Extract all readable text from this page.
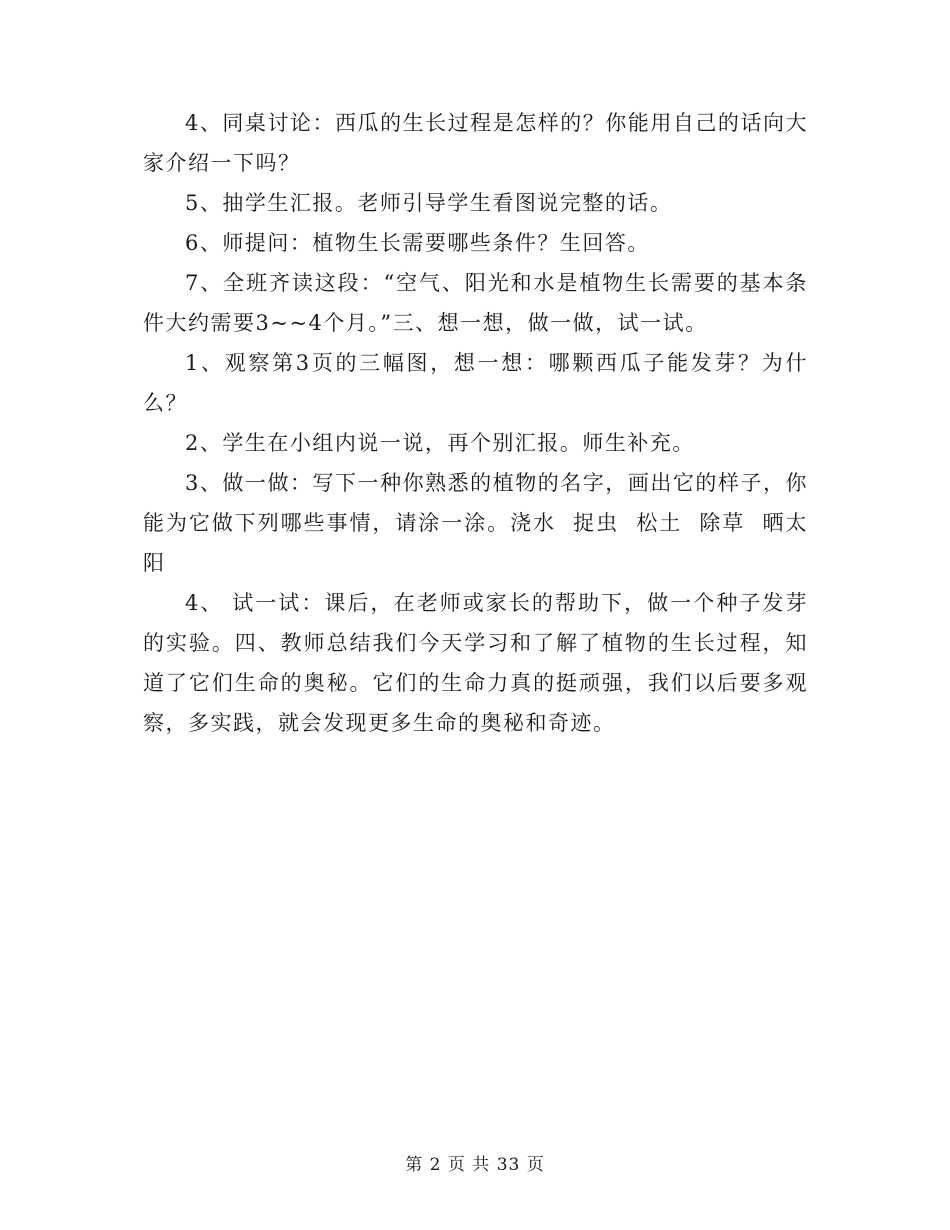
4、同桌讨论：西瓜的生长过程是怎样的？你能用自己的话向大家介绍一下吗？

5、抽学生汇报。老师引导学生看图说完整的话。

6、师提问：植物生长需要哪些条件？生回答。

7、全班齐读这段：“空气、阳光和水是植物生长需要的基本条件大约需要3~~4个月。”三、想一想，做一做，试一试。

1、观察第3页的三幅图，想一想：哪颗西瓜子能发芽？为什么？

2、学生在小组内说一说，再个别汇报。师生补充。

3、做一做：写下一种你熟悉的植物的名字，画出它的样子，你能为它做下列哪些事情，请涂一涂。浇水  捉虫  松土  除草  晒太阳

4、 试一试：课后，在老师或家长的帮助下，做一个种子发芽的实验。四、教师总结我们今天学习和了解了植物的生长过程，知道了它们生命的奥秘。它们的生命力真的挺顽强，我们以后要多观察，多实践，就会发现更多生命的奥秘和奇迹。

第 2 页 共 33 页
